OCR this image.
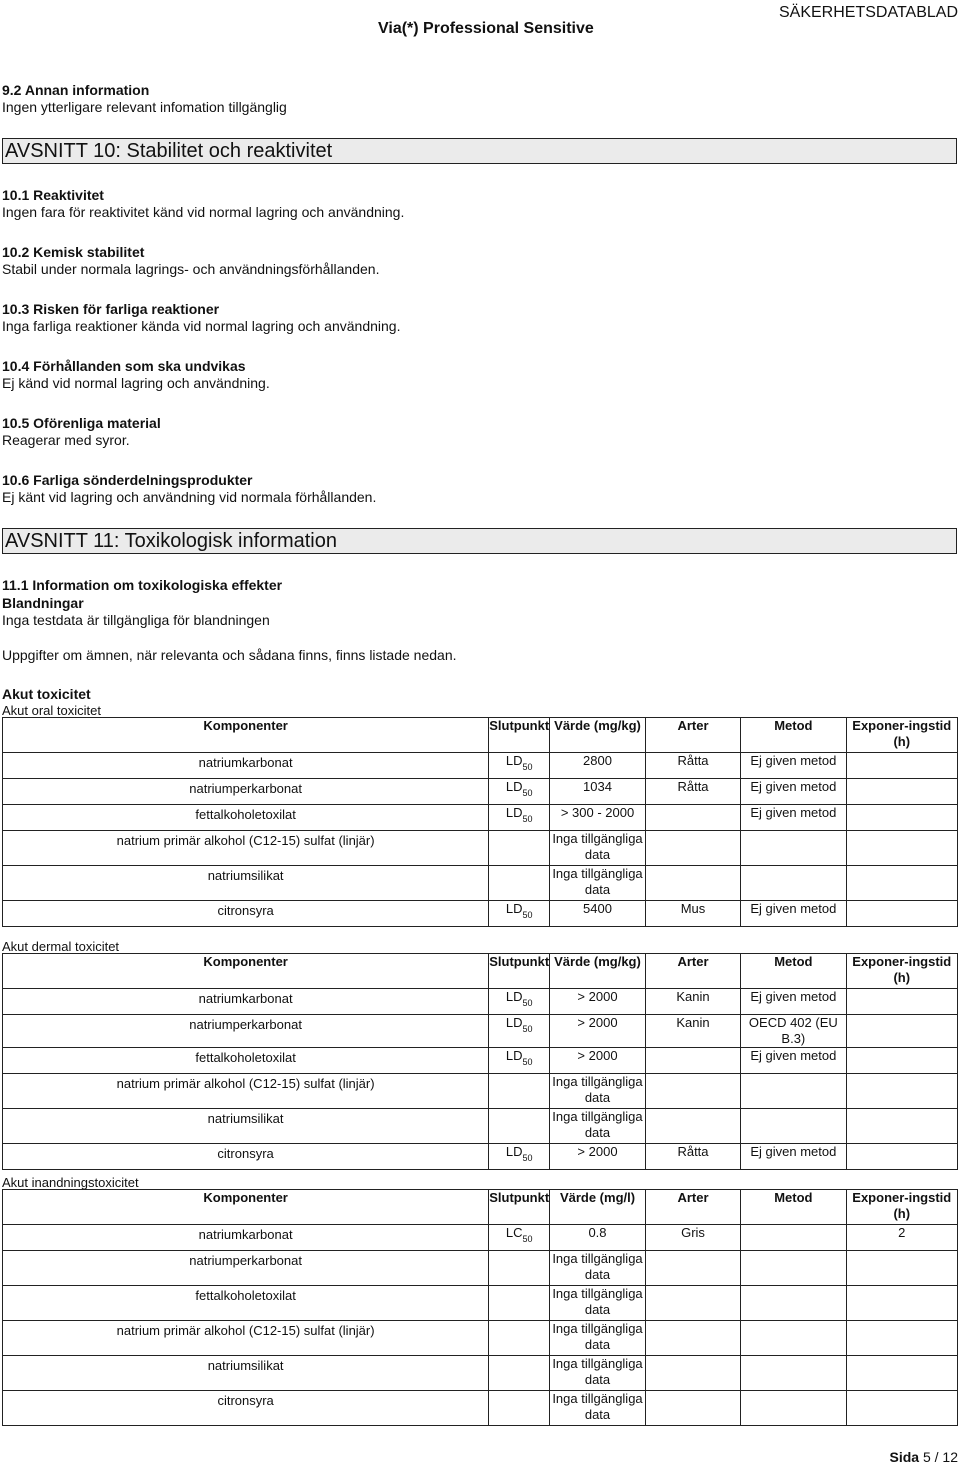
Via(*) Professional Sensitive
SÄKERHETSDATABLAD
9.2 Annan information
Ingen ytterligare relevant infomation tillgänglig
AVSNITT 10: Stabilitet och reaktivitet
10.1 Reaktivitet
Ingen fara för reaktivitet känd vid normal lagring och användning.
10.2 Kemisk stabilitet
Stabil under normala lagrings- och användningsförhållanden.
10.3 Risken för farliga reaktioner
Inga farliga reaktioner kända vid normal lagring och användning.
10.4 Förhållanden som ska undvikas
Ej känd vid normal lagring och användning.
10.5 Oförenliga material
Reagerar med syror.
10.6 Farliga sönderdelningsprodukter
Ej känt vid lagring och användning vid normala förhållanden.
AVSNITT 11: Toxikologisk information
11.1 Information om toxikologiska effekter
Blandningar
Inga testdata är tillgängliga för blandningen
Uppgifter om ämnen, när relevanta och sådana finns, finns listade nedan.
Akut toxicitet
Akut oral toxicitet
Komponenter	Slutpunkt	Värde (mg/kg)	Arter	Metod	Exponer-ingstid (h)
natriumkarbonat	$LD_{50}$	2800	Råtta	Ej given metod	
natriumperkarbonat	$LD_{50}$	1034	Råtta	Ej given metod	
fettalkoholetoxilat	$LD_{50}$	> 300 - 2000		Ej given metod	
natrium primär alkohol (C12-15) sulfat (linjär)		Inga tillgängliga data			
natriumsilikat		Inga tillgängliga data			
citronsyra	$LD_{50}$	5400	Mus	Ej given metod	
Akut dermal toxicitet
Komponenter	Slutpunkt	Värde (mg/kg)	Arter	Metod	Exponer-ingstid (h)
natriumkarbonat	$LD_{50}$	> 2000	Kanin	Ej given metod	
natriumperkarbonat	$LD_{50}$	> 2000	Kanin	OECD 402 (EU B.3)	
fettalkoholetoxilat	$LD_{50}$	> 2000		Ej given metod	
natrium primär alkohol (C12-15) sulfat (linjär)		Inga tillgängliga data			
natriumsilikat		Inga tillgängliga data			
citronsyra	$LD_{50}$	> 2000	Råtta	Ej given metod	
Akut inandningstoxicitet
Komponenter	Slutpunkt	Värde (mg/l)	Arter	Metod	Exponer-ingstid (h)
natriumkarbonat	$LC_{50}$	0.8	Gris		2
natriumperkarbonat		Inga tillgängliga data			
fettalkoholetoxilat		Inga tillgängliga data			
natrium primär alkohol (C12-15) sulfat (linjär)		Inga tillgängliga data			
natriumsilikat		Inga tillgängliga data			
citronsyra		Inga tillgängliga data			
Sida 5 / 12
